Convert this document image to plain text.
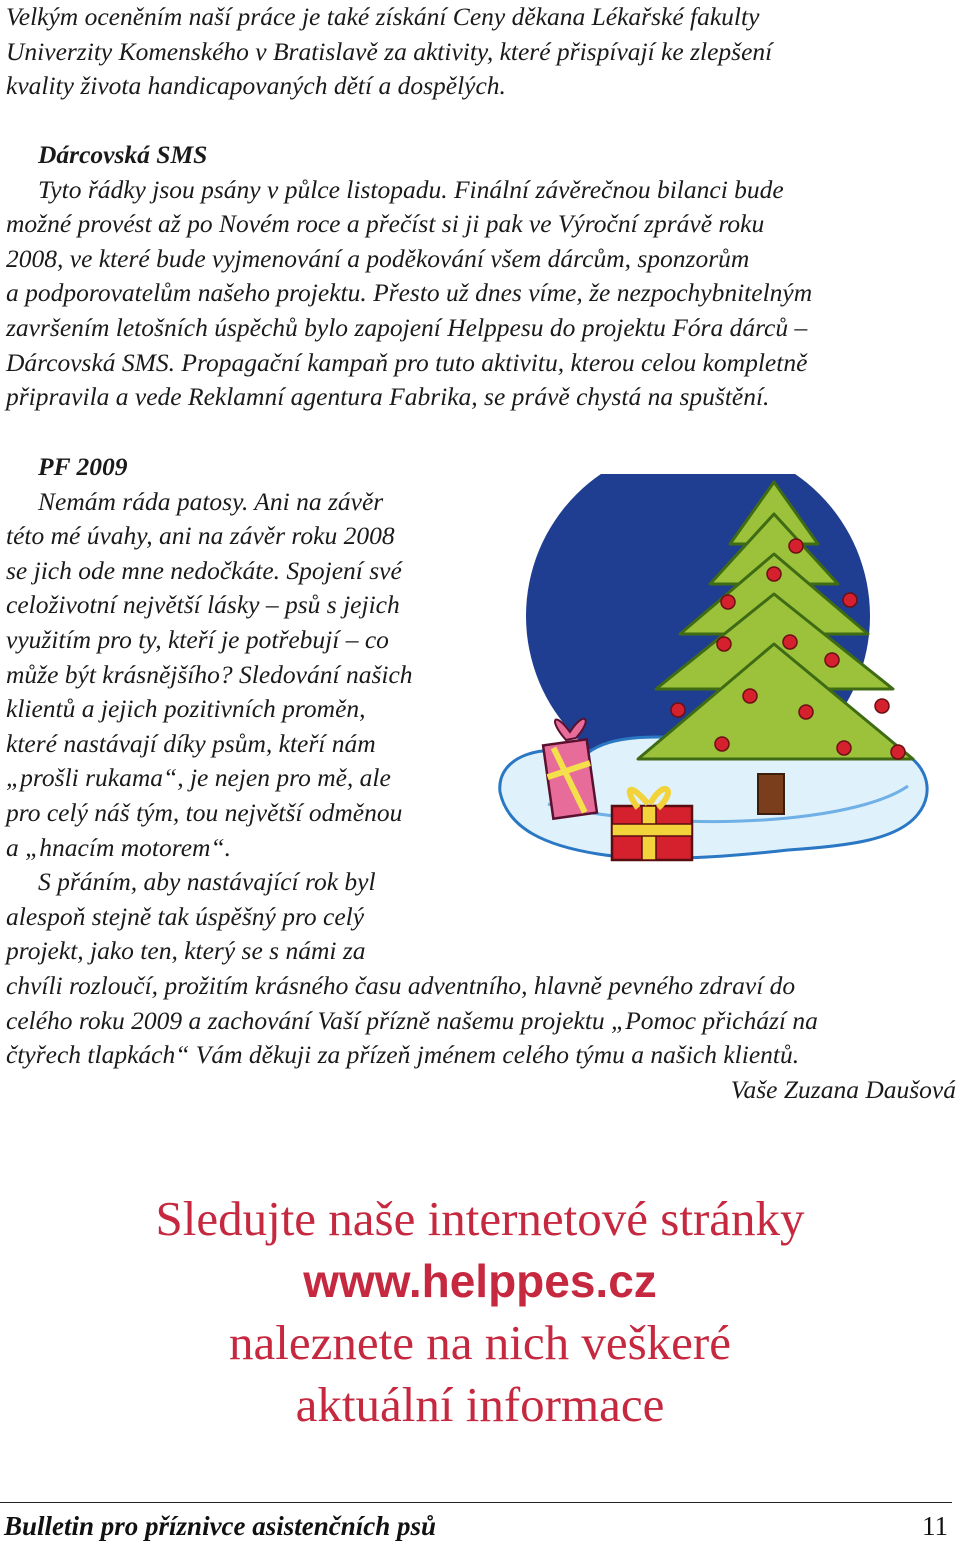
Velkým oceněním naší práce je také získání Ceny děkana Lékařské fakulty
Univerzity Komenského v Bratislavě za aktivity, které přispívají ke zlepšení
kvality života handicapovaných dětí a dospělých.
Dárcovská SMS
Tyto řádky jsou psány v půlce listopadu. Finální závěrečnou bilanci bude
možné provést až po Novém roce a přečíst si ji pak ve Výroční zprávě roku
2008, ve které bude vyjmenování a poděkování všem dárcům, sponzorům
a podporovatelům našeho projektu. Přesto už dnes víme, že nezpochybnitelným
završením letošních úspěchů bylo zapojení Helppesu do projektu Fóra dárců –
Dárcovská SMS. Propagační kampaň pro tuto aktivitu, kterou celou kompletně
připravila a vede Reklamní agentura Fabrika, se právě chystá na spuštění.
PF 2009
Nemám ráda patosy. Ani na závěr
této mé úvahy, ani na závěr roku 2008
se jich ode mne nedočkáte. Spojení své
celoživotní největší lásky – psů s jejich
využitím pro ty, kteří je potřebují – co
může být krásnějšího? Sledování našich
klientů a jejich pozitivních proměn,
které nastávají díky psům, kteří nám
„prošli rukama“, je nejen pro mě, ale
pro celý náš tým, tou největší odměnou
a „hnacím motorem“.
S přáním, aby nastávající rok byl
alespoň stejně tak úspěšný pro celý
projekt, jako ten, který se s námi za
chvíli rozloučí, prožitím krásného času adventního, hlavně pevného zdraví do
celého roku 2009 a zachování Vaší přízně našemu projektu „Pomoc přichází na
čtyřech tlapkách“ Vám děkuji za přízeň jménem celého týmu a našich klientů.
Vaše Zuzana Daušová
Sledujte naše internetové stránky
www.helppes.cz
naleznete na nich veškeré
aktuální informace
Bulletin pro příznivce asistenčních psů	11
